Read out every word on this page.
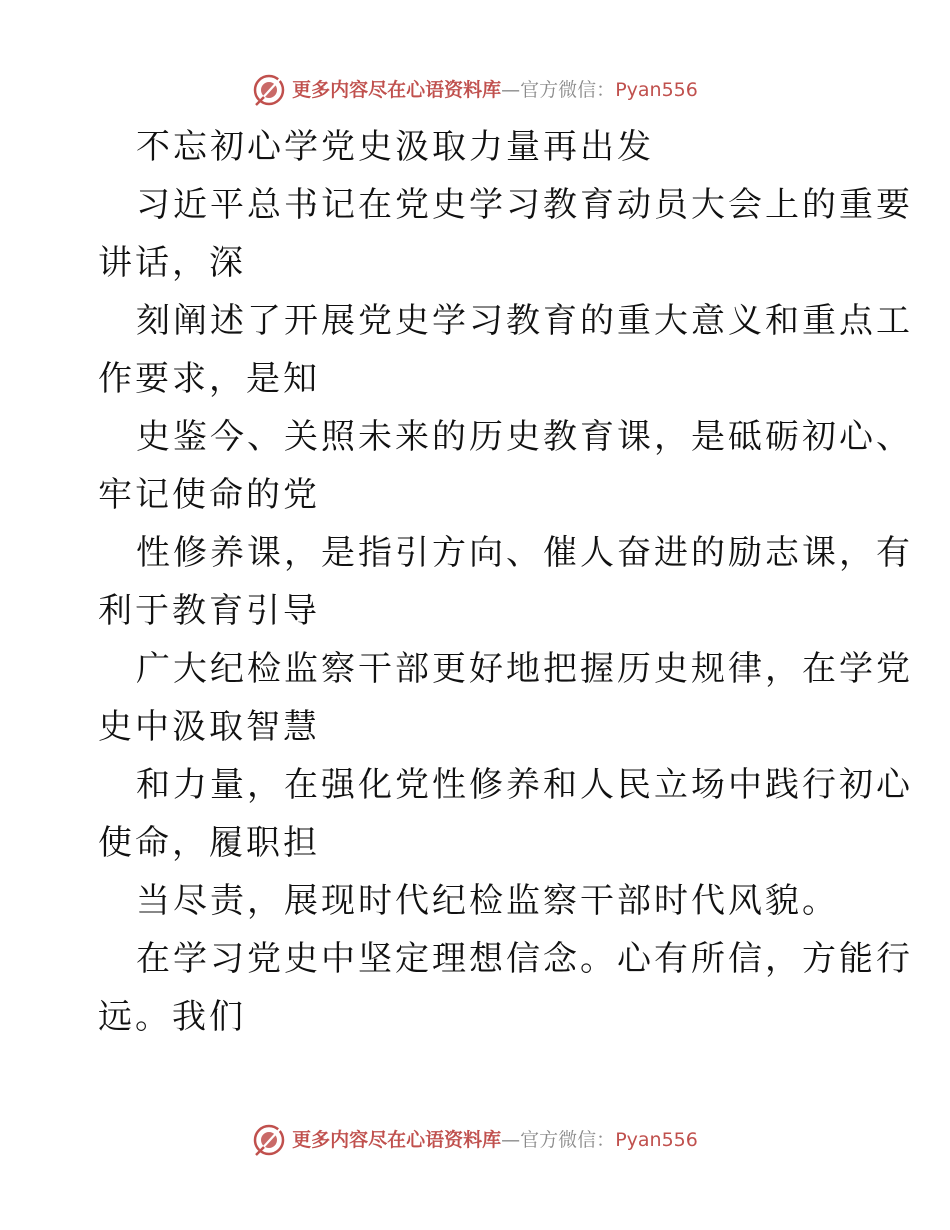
更多内容尽在心语资料库—官方微信：Pyan556
不忘初心学党史汲取力量再出发
习近平总书记在党史学习教育动员大会上的重要
讲话，深
刻阐述了开展党史学习教育的重大意义和重点工
作要求，是知
史鉴今、关照未来的历史教育课，是砥砺初心、
牢记使命的党
性修养课，是指引方向、催人奋进的励志课，有
利于教育引导
广大纪检监察干部更好地把握历史规律，在学党
史中汲取智慧
和力量，在强化党性修养和人民立场中践行初心
使命，履职担
当尽责，展现时代纪检监察干部时代风貌。
在学习党史中坚定理想信念。心有所信，方能行
远。我们
更多内容尽在心语资料库—官方微信：Pyan556
